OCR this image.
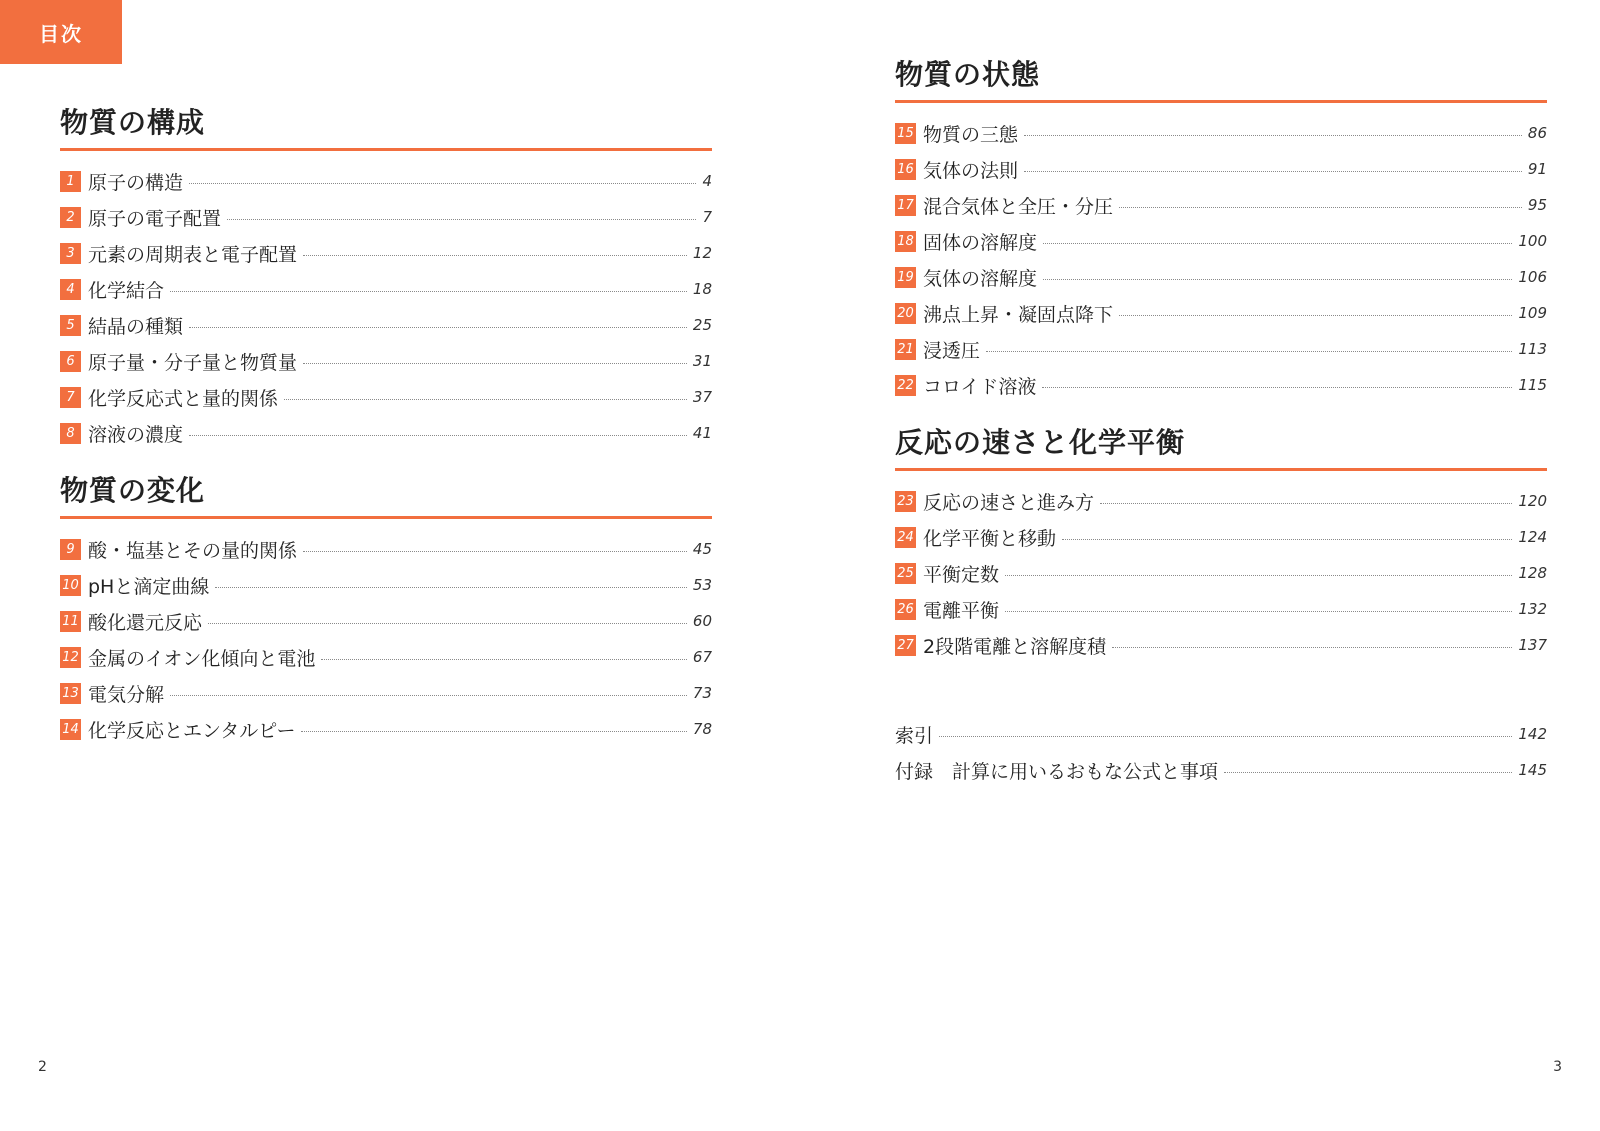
目次
物質の構成
1 原子の構造	4
2 原子の電子配置	7
3 元素の周期表と電子配置	12
4 化学結合	18
5 結晶の種類	25
6 原子量・分子量と物質量	31
7 化学反応式と量的関係	37
8 溶液の濃度	41
物質の変化
9 酸・塩基とその量的関係	45
10 pHと滴定曲線	53
11 酸化還元反応	60
12 金属のイオン化傾向と電池	67
13 電気分解	73
14 化学反応とエンタルピー	78
物質の状態
15 物質の三態	86
16 気体の法則	91
17 混合気体と全圧・分圧	95
18 固体の溶解度	100
19 気体の溶解度	106
20 沸点上昇・凝固点降下	109
21 浸透圧	113
22 コロイド溶液	115
反応の速さと化学平衡
23 反応の速さと進み方	120
24 化学平衡と移動	124
25 平衡定数	128
26 電離平衡	132
27 2段階電離と溶解度積	137
索引	142
付録　計算に用いるおもな公式と事項	145
2	3
